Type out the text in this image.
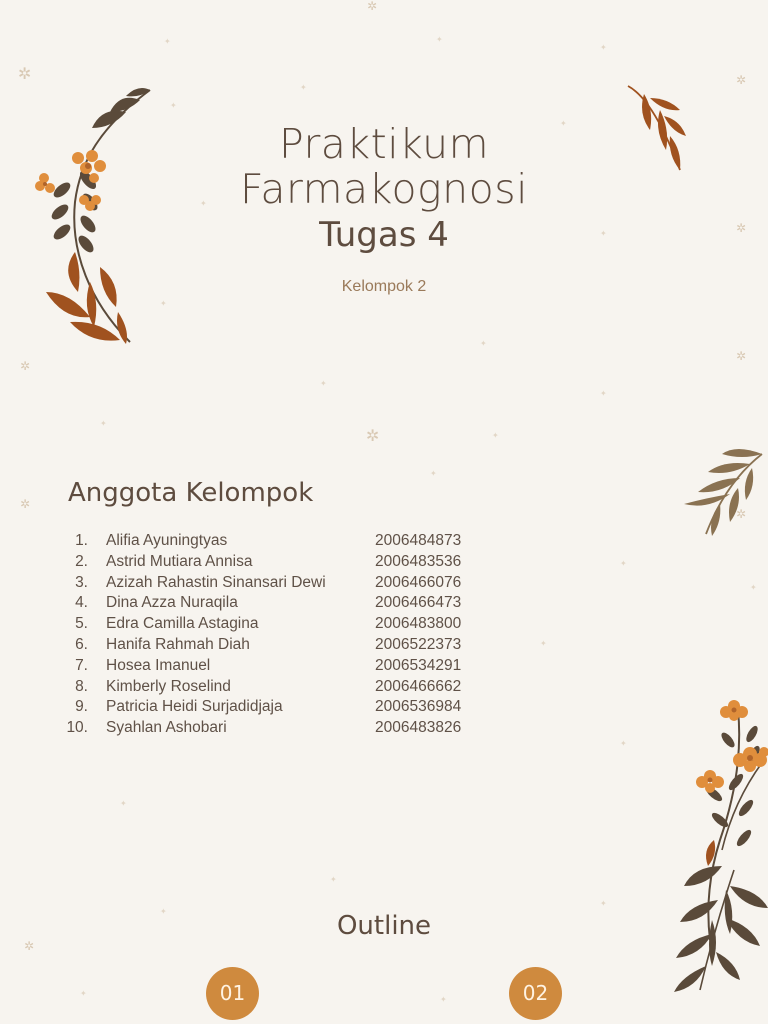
✲
✲
✲
✲
✲
✲
✲
✲
✲
✲
✦	✦
✦
✦
✦
✦
✦
✦
✦
✦
✦
✦
✦
✦
✦
✦
✦
✦
✦
✦
✦
✦
✦
✦
✦
Praktikum
Farmakognosi
Tugas 4
Kelompok 2
Anggota Kelompok
1. Alifia Ayuningtyas	2006484873
2. Astrid Mutiara Annisa	2006483536
3. Azizah Rahastin Sinansari Dewi	2006466076
4. Dina Azza Nuraqila	2006466473
5. Edra Camilla Astagina	2006483800
6. Hanifa Rahmah Diah	2006522373
7. Hosea Imanuel	2006534291
8. Kimberly Roselind	2006466662
9. Patricia Heidi Surjadidjaja	2006536984
10. Syahlan Ashobari	2006483826
Outline
01	02
